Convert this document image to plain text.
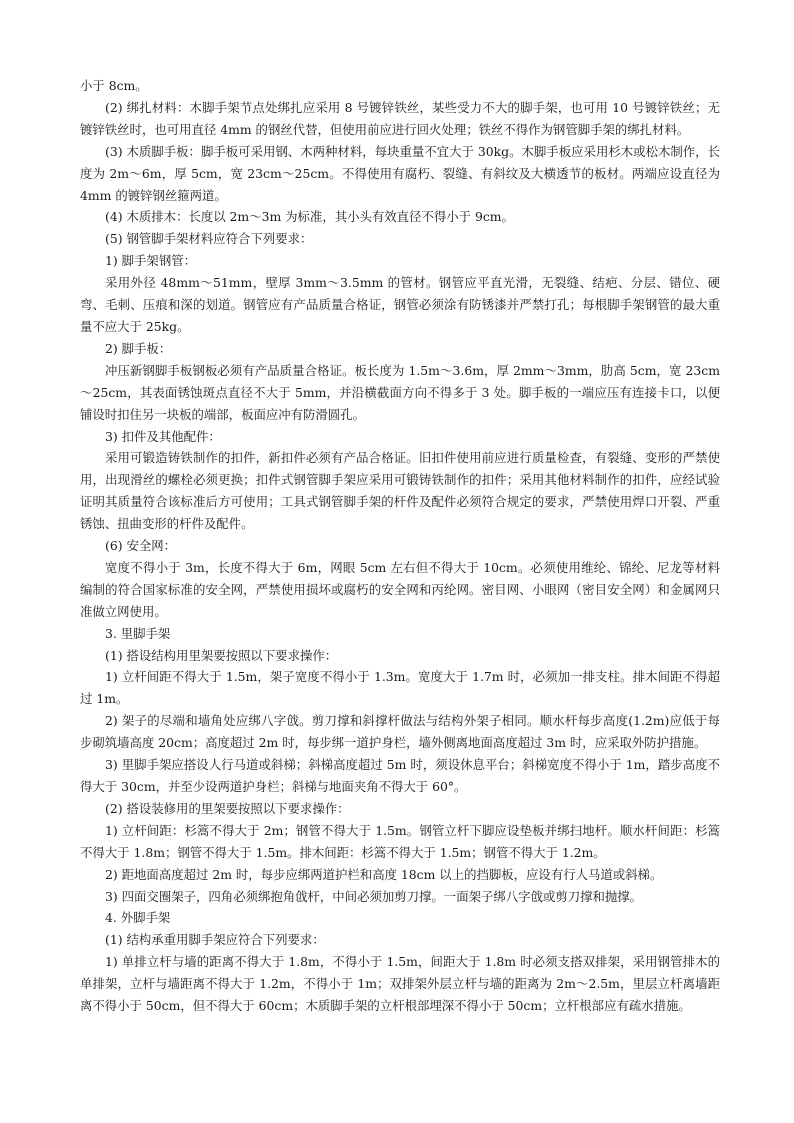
小于 8cm。

(2) 绑扎材料：木脚手架节点处绑扎应采用 8 号镀锌铁丝，某些受力不大的脚手架，也可用 10 号镀锌铁丝；无镀锌铁丝时，也可用直径 4mm 的钢丝代替，但使用前应进行回火处理；铁丝不得作为钢管脚手架的绑扎材料。

(3) 木质脚手板：脚手板可采用钢、木两种材料，每块重量不宜大于 30kg。木脚手板应采用杉木或松木制作，长度为 2m～6m，厚 5cm，宽 23cm～25cm。不得使用有腐朽、裂缝、有斜纹及大横透节的板材。两端应设直径为 4mm 的镀锌钢丝箍两道。

(4) 木质排木：长度以 2m～3m 为标准，其小头有效直径不得小于 9cm。

(5) 钢管脚手架材料应符合下列要求：

1) 脚手架钢管：

采用外径 48mm～51mm，壁厚 3mm～3.5mm 的管材。钢管应平直光滑，无裂缝、结疤、分层、错位、硬弯、毛刺、压痕和深的划道。钢管应有产品质量合格证，钢管必须涂有防锈漆并严禁打孔；每根脚手架钢管的最大重量不应大于 25kg。

2) 脚手板：

冲压新钢脚手板钢板必须有产品质量合格证。板长度为 1.5m～3.6m，厚 2mm～3mm，肋高 5cm，宽 23cm～25cm，其表面锈蚀斑点直径不大于 5mm，并沿横截面方向不得多于 3 处。脚手板的一端应压有连接卡口，以便铺设时扣住另一块板的端部，板面应冲有防滑圆孔。

3) 扣件及其他配件：

采用可锻造铸铁制作的扣件，新扣件必须有产品合格证。旧扣件使用前应进行质量检查，有裂缝、变形的严禁使用，出现滑丝的螺栓必须更换；扣件式钢管脚手架应采用可锻铸铁制作的扣件；采用其他材料制作的扣件，应经试验证明其质量符合该标准后方可使用；工具式钢管脚手架的杆件及配件必须符合规定的要求，严禁使用焊口开裂、严重锈蚀、扭曲变形的杆件及配件。

(6) 安全网：

宽度不得小于 3m，长度不得大于 6m，网眼 5cm 左右但不得大于 10cm。必须使用维纶、锦纶、尼龙等材料编制的符合国家标准的安全网，严禁使用损坏或腐朽的安全网和丙纶网。密目网、小眼网（密目安全网）和金属网只准做立网使用。

3. 里脚手架

(1) 搭设结构用里架要按照以下要求操作：

1) 立杆间距不得大于 1.5m，架子宽度不得小于 1.3m。宽度大于 1.7m 时，必须加一排支柱。排木间距不得超过 1m。

2) 架子的尽端和墙角处应绑八字戗。剪刀撑和斜撑杆做法与结构外架子相同。顺水杆每步高度(1.2m)应低于每步砌筑墙高度 20cm；高度超过 2m 时，每步绑一道护身栏，墙外侧离地面高度超过 3m 时，应采取外防护措施。

3) 里脚手架应搭设人行马道或斜梯；斜梯高度超过 5m 时，须设休息平台；斜梯宽度不得小于 1m，踏步高度不得大于 30cm，并至少设两道护身栏；斜梯与地面夹角不得大于 60°。

(2) 搭设装修用的里架要按照以下要求操作：

1) 立杆间距：杉篙不得大于 2m；钢管不得大于 1.5m。钢管立杆下脚应设垫板并绑扫地杆。顺水杆间距：杉篙不得大于 1.8m；钢管不得大于 1.5m。排木间距：杉篙不得大于 1.5m；钢管不得大于 1.2m。

2) 距地面高度超过 2m 时，每步应绑两道护栏和高度 18cm 以上的挡脚板，应设有行人马道或斜梯。

3) 四面交圈架子，四角必须绑抱角戗杆，中间必须加剪刀撑。一面架子绑八字戗或剪刀撑和抛撑。

4. 外脚手架

(1) 结构承重用脚手架应符合下列要求：

1) 单排立杆与墙的距离不得大于 1.8m，不得小于 1.5m，间距大于 1.8m 时必须支搭双排架，采用钢管排木的单排架，立杆与墙距离不得大于 1.2m，不得小于 1m；双排架外层立杆与墙的距离为 2m～2.5m，里层立杆离墙距离不得小于 50cm，但不得大于 60cm；木质脚手架的立杆根部埋深不得小于 50cm；立杆根部应有疏水措施。
